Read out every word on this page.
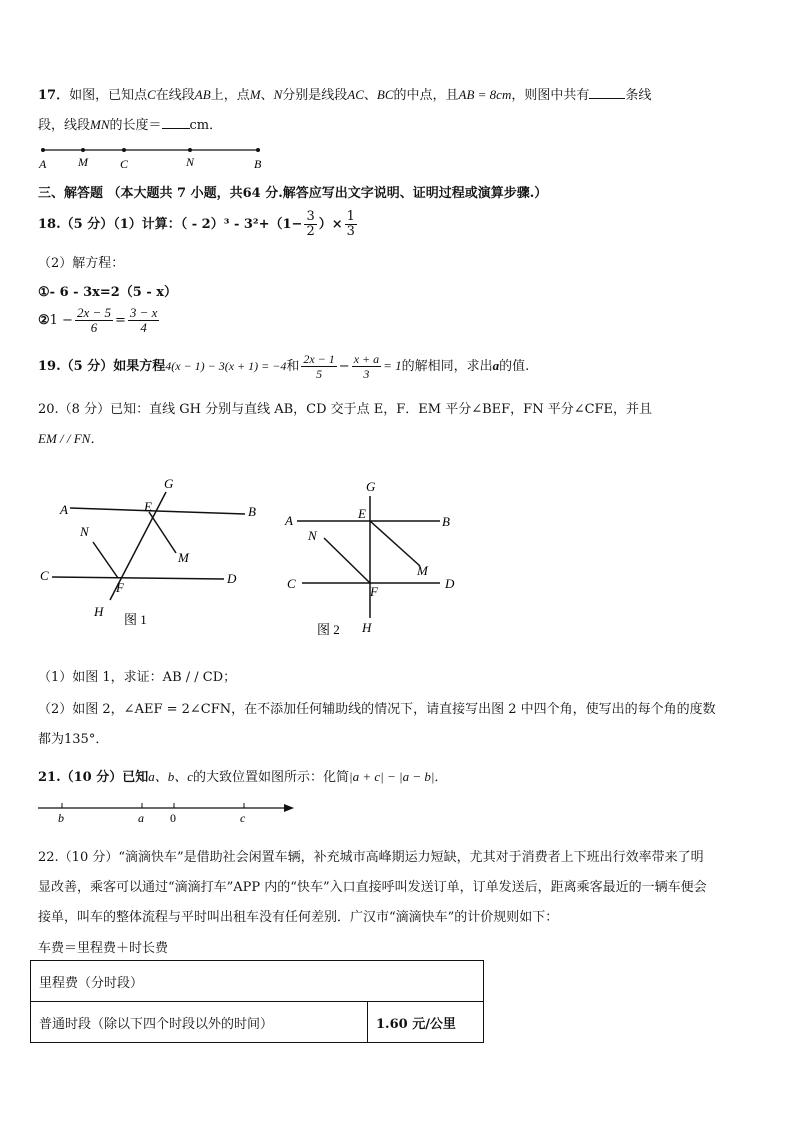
17．如图，已知点C在线段AB上，点M、N分别是线段AC、BC的中点，且AB = 8cm，则图中共有	条线
段，线段MN的长度＝ cm．
A	M	C	N	B
三、解答题 （本大题共 7 小题，共64 分.解答应写出文字说明、证明过程或演算步骤.）
18.（5 分）（1）计算：（ - $2)^3 - 3^2+(1- \frac{3}{2}$ ）× $\frac{1}{3}$
（2）解方程：
①- 6 - 3x=2（5 - x）
②1 − $\frac{2x - 5}{6} = \frac{3 - x}{4}$
19.（5 分）如果方程4(x − 1) − 3(x + 1) = −4和 $\frac{2x - 1}{5} - \frac{x + a}{3} = 1$的解相同，求出a的值.
20.（8 分）已知：直线 GH 分别与直线 AB，CD 交于点 E，F．EM 平分∠BEF，FN 平分∠CFE，并且
EM / / FN．
A	B
C	D
E
F
G
H
M
N
图 1
A	B
C	D
E
F
G
H
M
N
图 2
（1）如图 1，求证：AB / / CD；
（2）如图 2，∠AEF = 2∠CFN，在不添加任何辅助线的情况下，请直接写出图 2 中四个角，使写出的每个角的度数
都为135°．
21.（10 分）已知a、b、c的大致位置如图所示：化简|a + c| − |a − b|．
b	a 0	c
22.（10 分）“滴滴快车”是借助社会闲置车辆，补充城市高峰期运力短缺，尤其对于消费者上下班出行效率带来了明
显改善，乘客可以通过“滴滴打车”APP 内的“快车”入口直接呼叫发送订单，订单发送后，距离乘客最近的一辆车便会
接单，叫车的整体流程与平时叫出租车没有任何差别．广汉市“滴滴快车”的计价规则如下：
车费＝里程费＋时长费
里程费（分时段）
普通时段（除以下四个时段以外的时间）	1.60 元/公里
